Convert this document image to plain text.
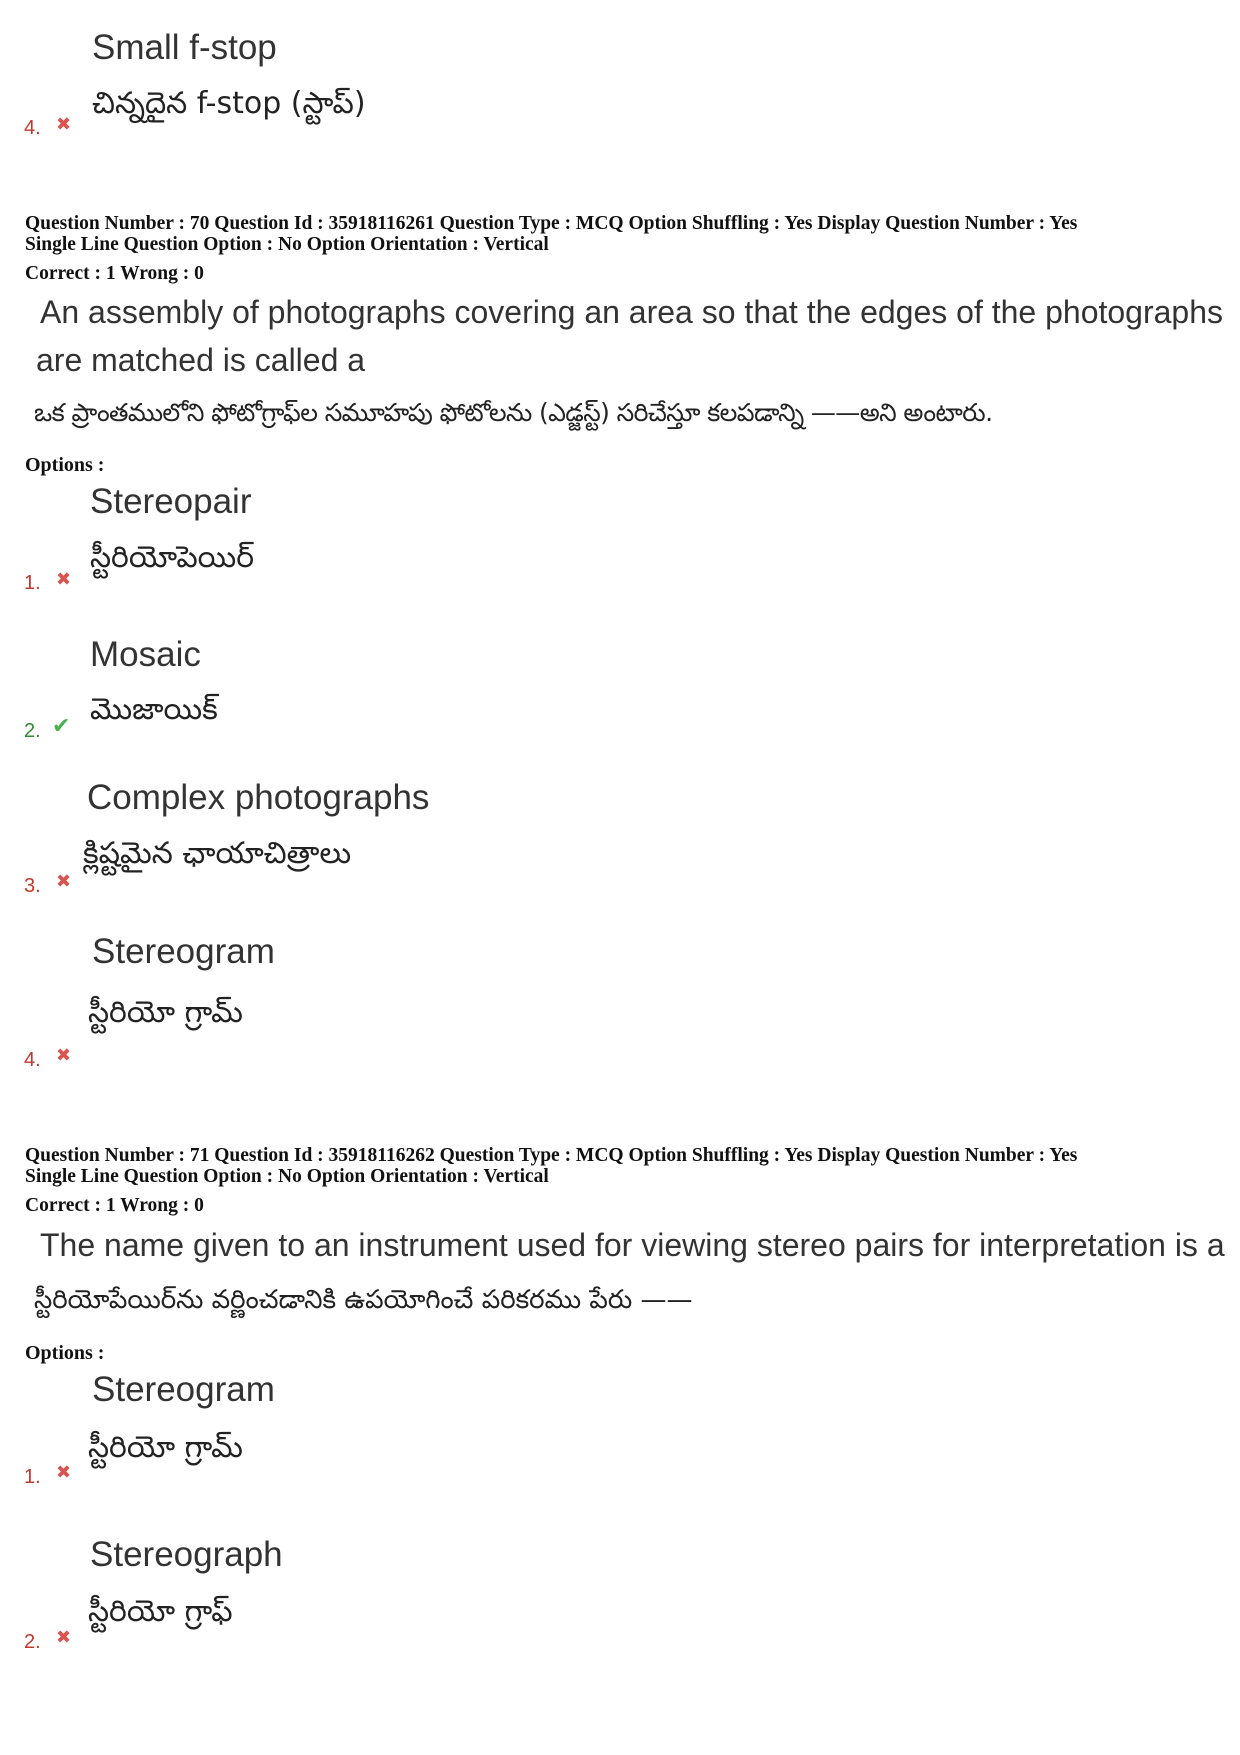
Small f-stop
చిన్నదైన f-stop (స్టాప్)
4. ✖
Question Number : 70 Question Id : 35918116261 Question Type : MCQ Option Shuffling : Yes Display Question Number : Yes
Single Line Question Option : No Option Orientation : Vertical
Correct : 1 Wrong : 0
An assembly of photographs covering an area so that the edges of the photographs
are matched is called a
ఒక ప్రాంతములోని ఫోటోగ్రాఫ్‌ల సమూహపు ఫోటోలను (ఎడ్జస్ట్) సరిచేస్తూ కలపడాన్ని ——అని అంటారు.
Options :
Stereopair
స్టీరియోపెయిర్
1. ✖
Mosaic
మొజాయిక్
2. ✔
Complex photographs
క్లిష్టమైన ఛాయాచిత్రాలు
3. ✖
Stereogram
స్టీరియో గ్రామ్
4. ✖
Question Number : 71 Question Id : 35918116262 Question Type : MCQ Option Shuffling : Yes Display Question Number : Yes
Single Line Question Option : No Option Orientation : Vertical
Correct : 1 Wrong : 0
The name given to an instrument used for viewing stereo pairs for interpretation is a
స్టీరియోపేయిర్‌ను వర్ణించడానికి ఉపయోగించే పరికరము పేరు ——
Options :
Stereogram
స్టీరియో గ్రామ్
1. ✖
Stereograph
స్టీరియో గ్రాఫ్
2. ✖
